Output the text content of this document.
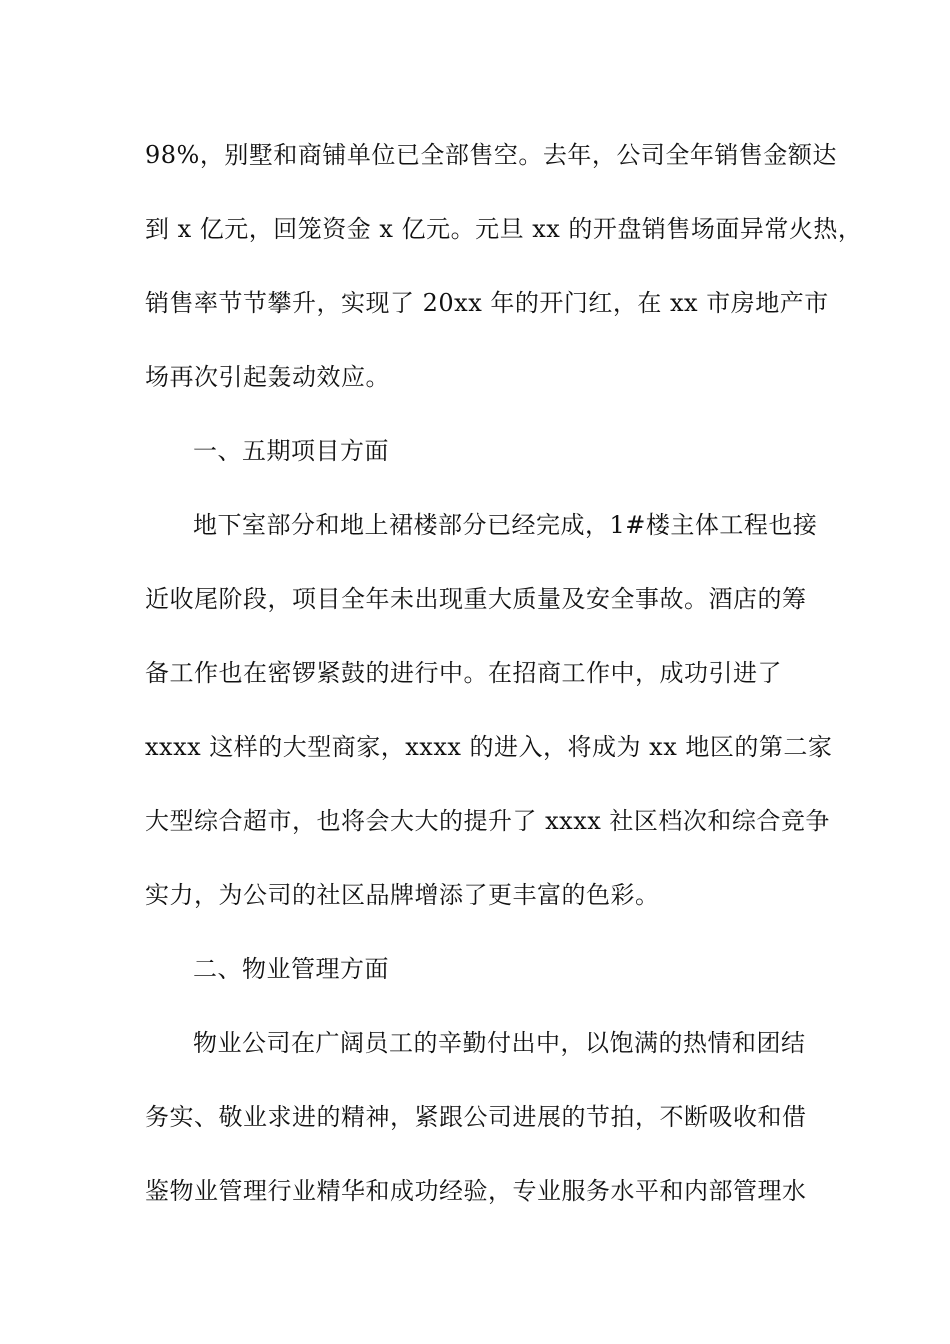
98%，别墅和商铺单位已全部售空。去年，公司全年销售金额达
到 x 亿元，回笼资金 x 亿元。元旦 xx 的开盘销售场面异常火热，
销售率节节攀升，实现了 20xx 年的开门红，在 xx 市房地产市
场再次引起轰动效应。
一、五期项目方面
地下室部分和地上裙楼部分已经完成，1#楼主体工程也接
近收尾阶段，项目全年未出现重大质量及安全事故。酒店的筹
备工作也在密锣紧鼓的进行中。在招商工作中，成功引进了
xxxx 这样的大型商家，xxxx 的进入，将成为 xx 地区的第二家
大型综合超市，也将会大大的提升了 xxxx 社区档次和综合竞争
实力，为公司的社区品牌增添了更丰富的色彩。
二、物业管理方面
物业公司在广阔员工的辛勤付出中，以饱满的热情和团结
务实、敬业求进的精神，紧跟公司进展的节拍，不断吸收和借
鉴物业管理行业精华和成功经验，专业服务水平和内部管理水
